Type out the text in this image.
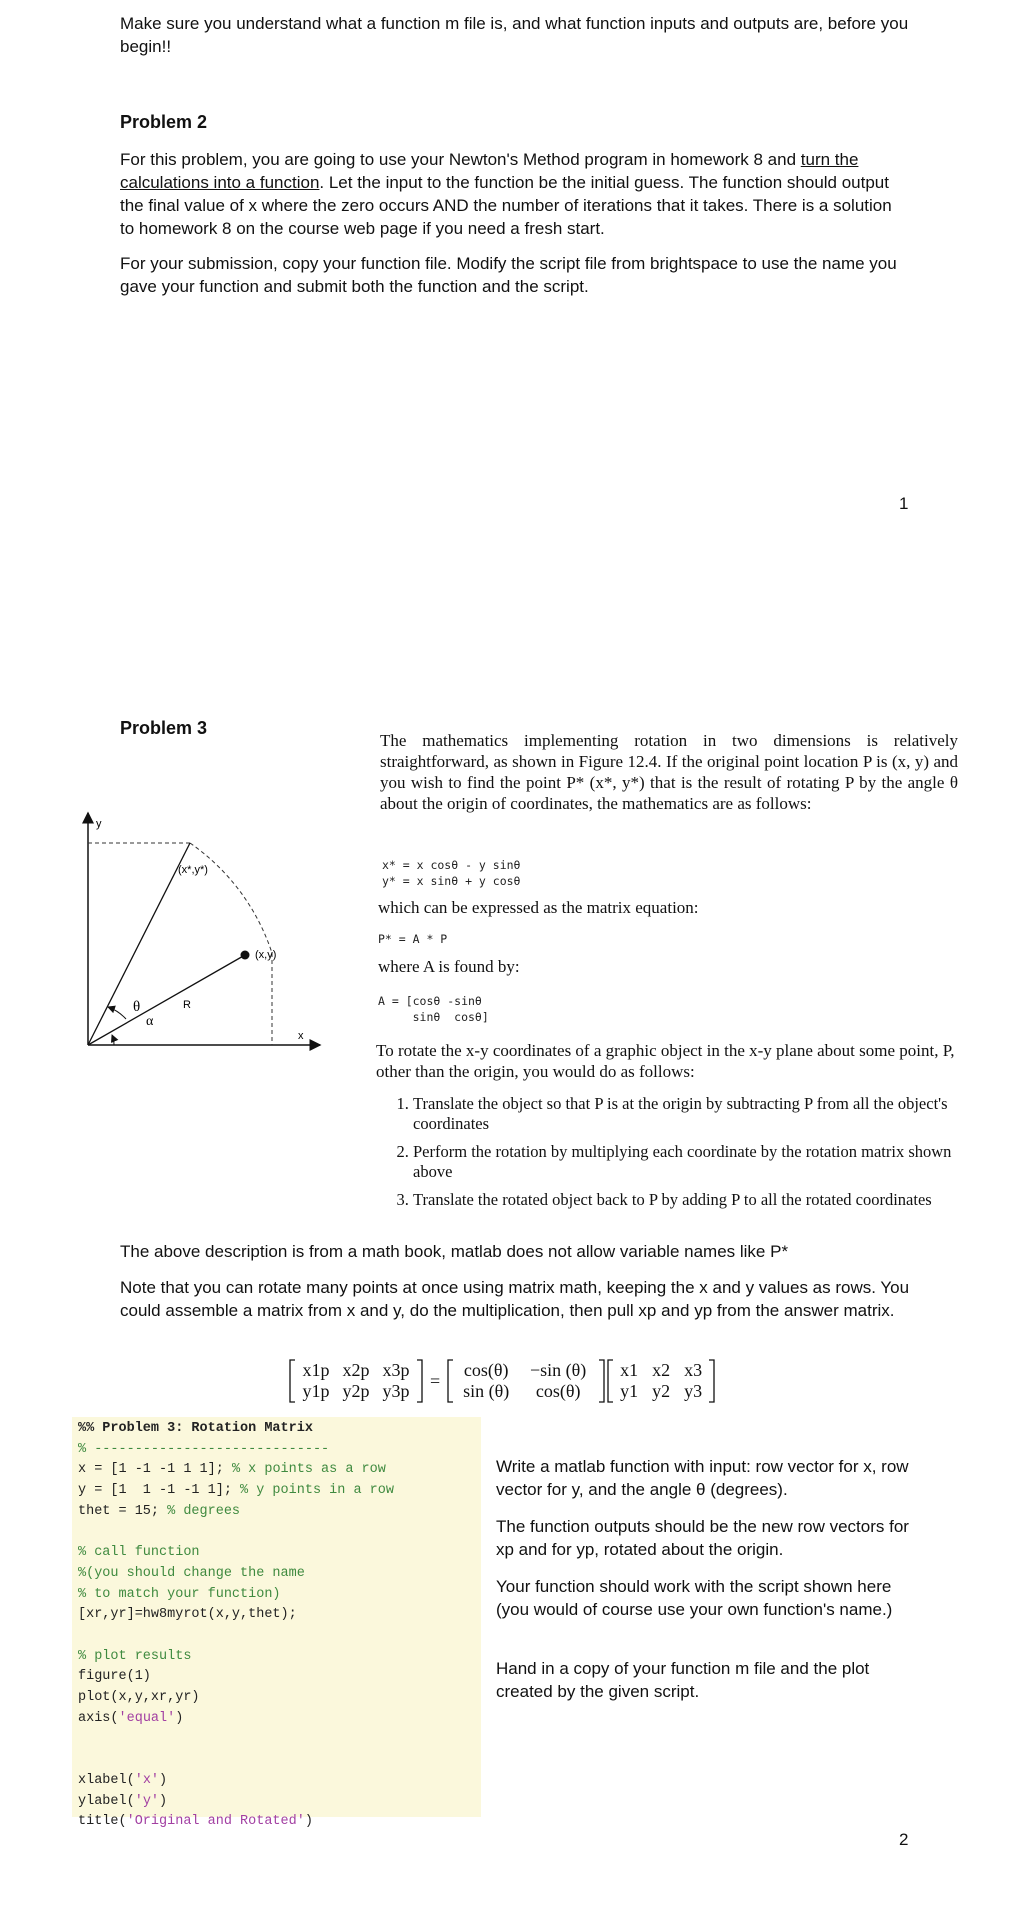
Make sure you understand what a function m file is, and what function inputs and outputs are, before you begin!!
Problem 2
For this problem, you are going to use your Newton's Method program in homework 8 and turn the calculations into a function. Let the input to the function be the initial guess. The function should output the final value of x where the zero occurs AND the number of iterations that it takes. There is a solution to homework 8 on the course web page if you need a fresh start.
For your submission, copy your function file. Modify the script file from brightspace to use the name you gave your function and submit both the function and the script.
1
Problem 3
y
x
(x*,y*)
(x,y)
θ
α
R
The mathematics implementing rotation in two dimensions is relatively straightforward, as shown in Figure 12.4. If the original point location P is (x, y) and you wish to find the point P* (x*, y*) that is the result of rotating P by the angle θ about the origin of coordinates, the mathematics are as follows:
x* = x cosθ - y sinθ
y* = x sinθ + y cosθ
which can be expressed as the matrix equation:
P* = A * P
where A is found by:
A = [cosθ -sinθ
sinθ  cosθ]
To rotate the x-y coordinates of a graphic object in the x-y plane about some point, P, other than the origin, you would do as follows:
1. Translate the object so that P is at the origin by subtracting P from all the object's coordinates
2. Perform the rotation by multiplying each coordinate by the rotation matrix shown above
3. Translate the rotated object back to P by adding P to all the rotated coordinates
The above description is from a math book, matlab does not allow variable names like P*
Note that you can rotate many points at once using matrix math, keeping the x and y values as rows. You could assemble a matrix from x and y, do the multiplication, then pull xp and yp from the answer matrix.
x1p x2p x3p
y1p y2p y3p
=
cos(θ)	−sin (θ)
sin (θ)	cos(θ)
x1 x2 x3
y1 y2 y3
%% Problem 3: Rotation Matrix
% -----------------------------
x = [1 -1 -1 1 1]; % x points as a row
y = [1  1 -1 -1 1]; % y points in a row
thet = 15; % degrees

% call function
%(you should change the name
% to match your function)
[xr,yr]=hw8myrot(x,y,thet);

% plot results
figure(1)
plot(x,y,xr,yr)
axis('equal')

xlabel('x')
ylabel('y')
title('Original and Rotated')
Write a matlab function with input: row vector for x, row vector for y, and the angle θ (degrees).
The function outputs should be the new row vectors for xp and for yp, rotated about the origin.
Your function should work with the script shown here (you would of course use your own function's name.)
Hand in a copy of your function m file and the plot created by the given script.
2
